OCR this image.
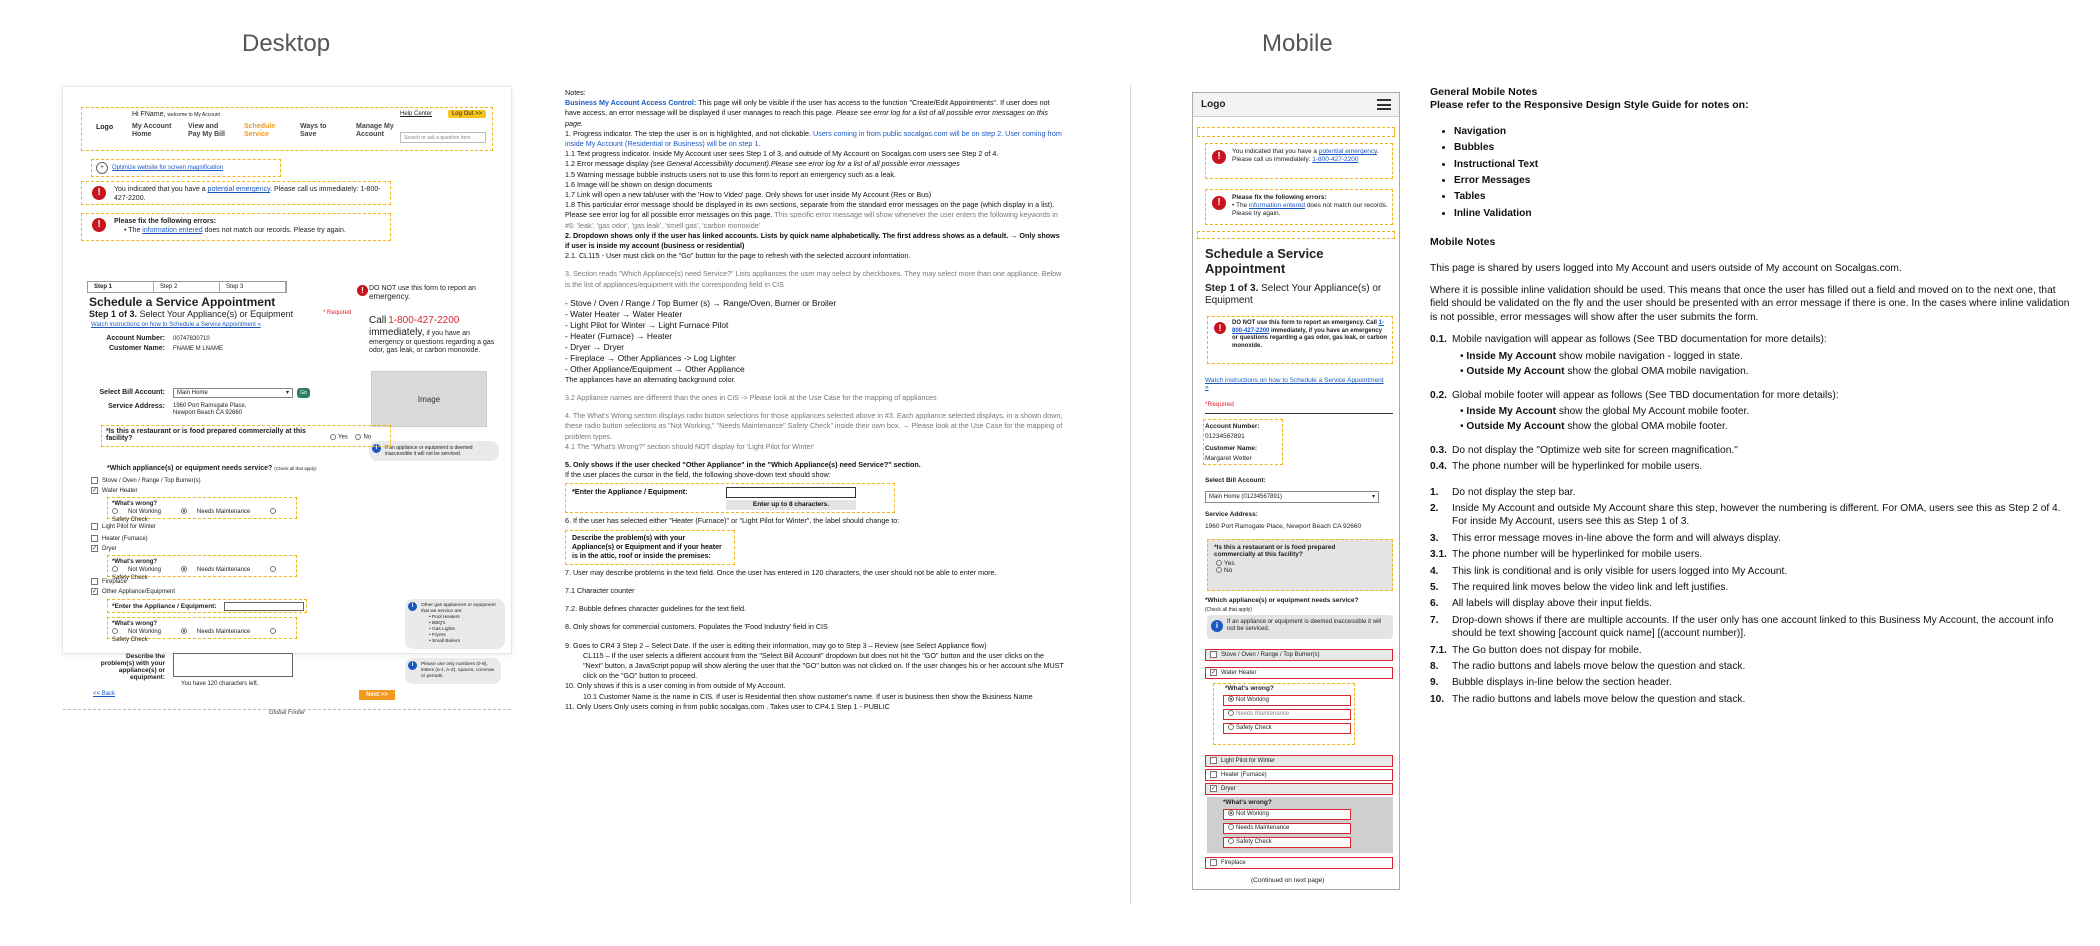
Desktop	Mobile
Logo
Hi FName, welcome to My Account
My Account Home
View and Pay My Bill
Schedule Service
Ways to Save
Manage My Account
Help Center	Log Out >>
Search or ask a question here
+	Optimize website for screen magnification
!	You indicated that you have a potential emergency. Please call us immediately: 1-800-427-2200.
!	Please fix the following errors:
• The information entered does not match our records. Please try again.
Step 1	Step 2	Step 3
Schedule a Service Appointment
Step 1 of 3. Select Your Appliance(s) or Equipment	* Required
Watch instructions on how to Schedule a Service Appointment »
! DO NOT use this form to report an emergency.
Call 1-800-427-2200 immediately, if you have an emergency or questions regarding a gas odor, gas leak, or carbon monoxide.
Image
i	If an appliance or equipment is deemed inaccessible it will not be serviced.
Account Number: 00747830710
Customer Name: FNAME M LNAME
Select Bill Account:	Main Home	▾	Go
Service Address: 1960 Port Ramsgate Place,
Newport Beach CA 92660
*Is this a restaurant or is food prepared commercially at this facility?	Yes	No
*Which appliance(s) or equipment needs service? (Check all that apply)
Stove / Oven / Range / Top Burner(s)
✓ Water Heater
*What's wrong?
Not Working	Needs MaintenanceSafety Check
Light Pilot for Winter
Heater (Furnace)
✓ Dryer
*What's wrong?
Not Working	Needs MaintenanceSafety Check
Fireplace
✓ Other Appliance/Equipment
*Enter the Appliance / Equipment:
*What's wrong?
Not Working	Needs MaintenanceSafety Check
i	Other gas appliances or equipment that we service are:
• Pool Heaters
• BBQ's
• Gas Lights
• Fryers
• Small Boilers
i	Please use only numbers (0-9), letters (a-z, A-Z), spaces, commas or periods.
Describe the problem(s) with your appliance(s) or equipment:
You have 120 characters left.
<< Back	Next >>
Global Footer

Notes:

Business My Account Access Control: This page will only be visible if the user has access to the function "Create/Edit Appointments". If user does not have access, an error message will be displayed if user manages to reach this page. Please see error log for a list of all possible error messages on this page.

1. Progress indicator. The step the user is on is highlighted, and not clickable. Users coming in from public socalgas.com will be on step 2. User coming from inside My Account (Residential or Business) will be on step 1.

1.1 Text progress indicator. Inside My Account user sees Step 1 of 3, and outside of My Account on Socalgas.com users see Step 2 of 4.

1.2 Error message display (see General Accessibility document).Please see error log for a list of all possible error messages

1.5 Warning message bubble instructs users not to use this form to report an emergency such as a leak.

1.6 Image will be shown on design documents

1.7 Link will open a new tab/user with the 'How to Video' page. Only shows for user inside My Account (Res or Bus)

1.8 This particular error message should be displayed in its own sections, separate from the standard error messages on the page (which display in a list). Please see error log for all possible error messages on this page. This specific error message will show whenever the user enters the following keywords in #6: 'leak', 'gas odor', 'gas leak', 'smell gas', 'carbon monoxide'

2. Dropdown shows only if the user has linked accounts. Lists by quick name alphabetically. The first address shows as a default. → Only shows if user is inside my account (business or residential)

2.1. CL115 - User must click on the "Go" button for the page to refresh with the selected account information.

3. Section reads "Which Appliance(s) need Service?" Lists appliances the user may select by checkboxes. They may select more than one appliance. Below is the list of appliances/equipment with the corresponding field in CIS

- Stove / Oven / Range / Top Burner (s) → Range/Oven, Burner or Broiler

- Water Heater → Water Heater

- Light Pilot for Winter → Light Furnace Pilot

- Heater (Furnace) → Heater

- Dryer → Dryer

- Fireplace → Other Appliances -> Log Lighter

- Other Appliance/Equipment → Other Appliance

The appliances have an alternating background color.

3.2 Appliance names are different than the ones in CIS -> Please look at the Use Case for the mapping of appliances

4. The What's Wrong section displays radio button selections for those appliances selected above in #3. Each appliance selected displays, in a shown down, these radio button selections as "Not Working," "Needs Maintenance" Safety Check" inside their own box. → Please look at the Use Case for the mapping of problem types.

4.1 The "What's Wrong?" section should NOT display for 'Light Pilot for Winter'

5. Only shows if the user checked "Other Appliance" in the "Which Appliance(s) need Service?" section.

If the user places the cursor in the field, the following shove-down text should show:

*Enter the Appliance / Equipment:
Enter up to 8 characters.

6. If the user has selected either "Heater (Furnace)" or "Light Pilot for Winter", the label should change to:

Describe the problem(s) with your Appliance(s) or Equipment and if your heater is in the attic, roof or inside the premises:

7. User may describe problems in the text field. Once the user has entered in 120 characters, the user should not be able to enter more.

7.1 Character counter

7.2. Bubble defines character guidelines for the text field.

8. Only shows for commercial customers. Populates the 'Food Industry' field in CIS

9. Goes to CR4 3 Step 2 – Select Date. If the user is editing their information, may go to Step 3 – Review (see Select Appliance flow)

CL115 – If the user selects a different account from the "Select Bill Account" dropdown but does not hit the "GO" button and the user clicks on the "Next" button, a JavaScript popup will show alerting the user that the "GO" button was not clicked on. If the user changes his or her account s/he MUST click on the "GO" button to proceed.

10. Only shows if this is a user coming in from outside of My Account.

10.1 Customer Name is the name in CIS. If user is Residential then show customer's name. If user is business then show the Business Name

11. Only Users Only users coming in from public socalgas.com . Takes user to CP4.1 Step 1 - PUBLIC

Logo
!	You indicated that you have a potential emergency. Please call us immediately: 1-800-427-2200
!	Please fix the following errors:
• The information entered does not match our records. Please try again.
Schedule a Service Appointment
Step 1 of 3. Select Your Appliance(s) or Equipment
!	DO NOT use this form to report an emergency. Call 1-800-427-2200 immediately, if you have an emergency or questions regarding a gas odor, gas leak, or carbon monoxide.
Watch instructions on how to Schedule a Service Appointment »
*Required
Account Number:
01234567891
Customer Name:
Margaret Wetter
Select Bill Account:
Main Home (01234567891)	▾
Service Address:
1960 Port Ramsgate Place, Newport Beach CA 92660
*Is this a restaurant or is food prepared commercially at this facility?
Yes
No
*Which appliance(s) or equipment needs service?
(Check all that apply)
i	If an appliance or equipment is deemed inaccessible it will not be serviced.
Stove / Oven / Range / Top Burner(s)
✓ Water Heater
*What's wrong?
Not Working
Needs Maintenance
Safety Check
Light Pilot for Winter
Heater (Furnace)
✓ Dryer
*What's wrong?
Not Working
Needs Maintenance
Safety Check
Fireplace
(Continued on next page)
General Mobile Notes
Please refer to the Responsive Design Style Guide for notes on:
• Navigation
• Bubbles
• Instructional Text
• Error Messages
• Tables
• Inline Validation
Mobile Notes

This page is shared by users logged into My Account and users outside of My account on Socalgas.com.

Where it is possible inline validation should be used. This means that once the user has filled out a field and moved on to the next one, that field should be validated on the fly and the user should be presented with an error message if there is one. In the cases where inline validation is not possible, error messages will show after the user submits the form.

0.1. Mobile navigation will appear as follows (See TBD documentation for more details):
• Inside My Account show mobile navigation - logged in state.
• Outside My Account show the global OMA mobile navigation.
0.2. Global mobile footer will appear as follows (See TBD documentation for more details):
• Inside My Account show the global My Account mobile footer.
• Outside My Account show the global OMA mobile footer.
0.3. Do not display the "Optimize web site for screen magnification."
0.4. The phone number will be hyperlinked for mobile users.
1.	Do not display the step bar.
2.	Inside My Account and outside My Account share this step, however the numbering is different. For OMA, users see this as Step 2 of 4. For inside My Account, users see this as Step 1 of 3.
3.	This error message moves in-line above the form and will always display.
3.1. The phone number will be hyperlinked for mobile users.
4.	This link is conditional and is only visible for users logged into My Account.
5.	The required link moves below the video link and left justifies.
6.	All labels will display above their input fields.
7.	Drop-down shows if there are multiple accounts. If the user only has one account linked to this Business My Account, the account info should be text showing [account quick name] [(account number)].
7.1. The Go button does not dispay for mobile.
8.	The radio buttons and labels move below the question and stack.
9.	Bubble displays in-line below the section header.
10. The radio buttons and labels move below the question and stack.
